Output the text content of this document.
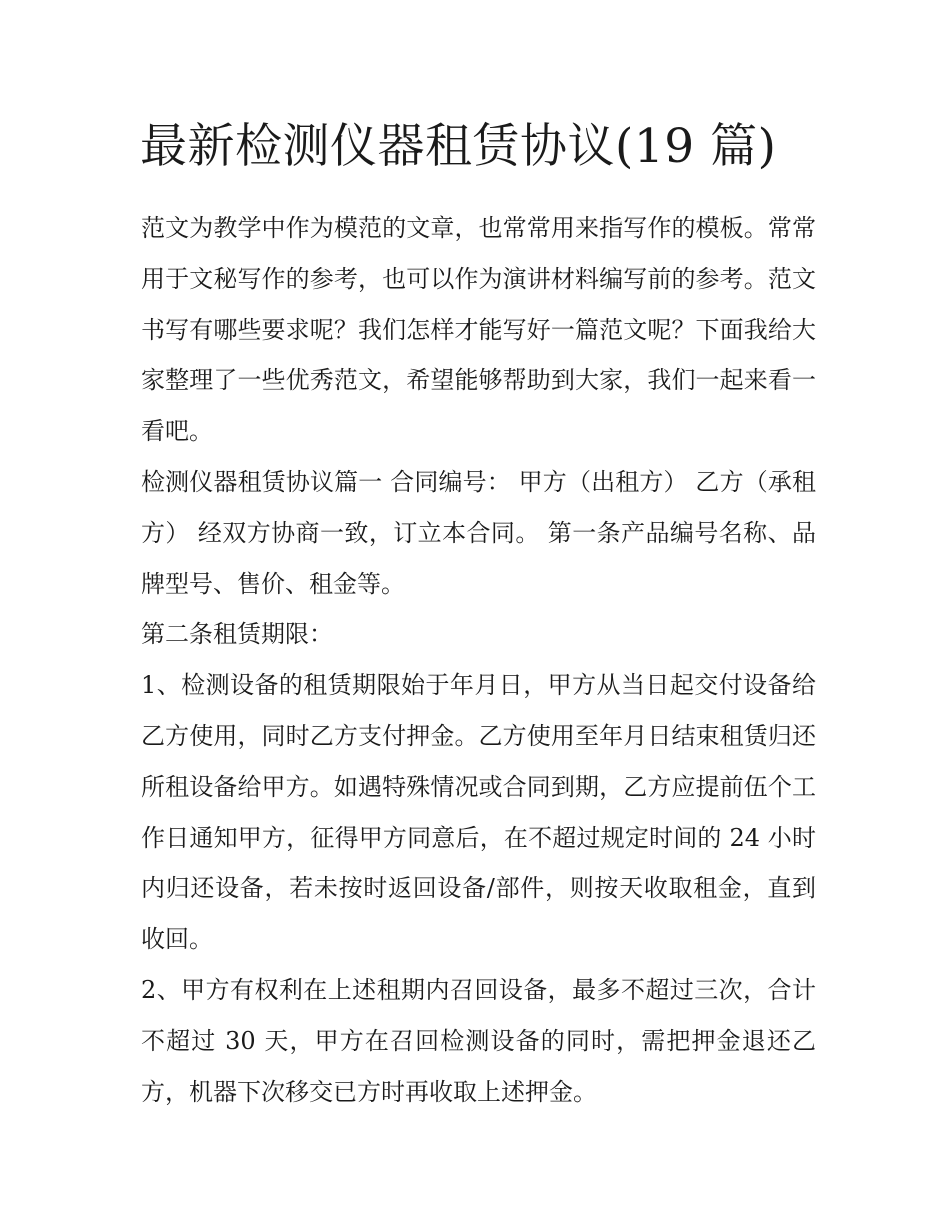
最新检测仪器租赁协议(19 篇)

范文为教学中作为模范的文章，也常常用来指写作的模板。常常用于文秘写作的参考，也可以作为演讲材料编写前的参考。范文书写有哪些要求呢？我们怎样才能写好一篇范文呢？下面我给大家整理了一些优秀范文，希望能够帮助到大家，我们一起来看一看吧。

检测仪器租赁协议篇一 合同编号： 甲方（出租方） 乙方（承租方） 经双方协商一致，订立本合同。 第一条产品编号名称、品牌型号、售价、租金等。

第二条租赁期限：

1、检测设备的租赁期限始于年月日，甲方从当日起交付设备给乙方使用，同时乙方支付押金。乙方使用至年月日结束租赁归还所租设备给甲方。如遇特殊情况或合同到期，乙方应提前伍个工作日通知甲方，征得甲方同意后，在不超过规定时间的 24 小时内归还设备，若未按时返回设备/部件，则按天收取租金，直到收回。

2、甲方有权利在上述租期内召回设备，最多不超过三次，合计不超过 30 天，甲方在召回检测设备的同时，需把押金退还乙方，机器下次移交已方时再收取上述押金。
